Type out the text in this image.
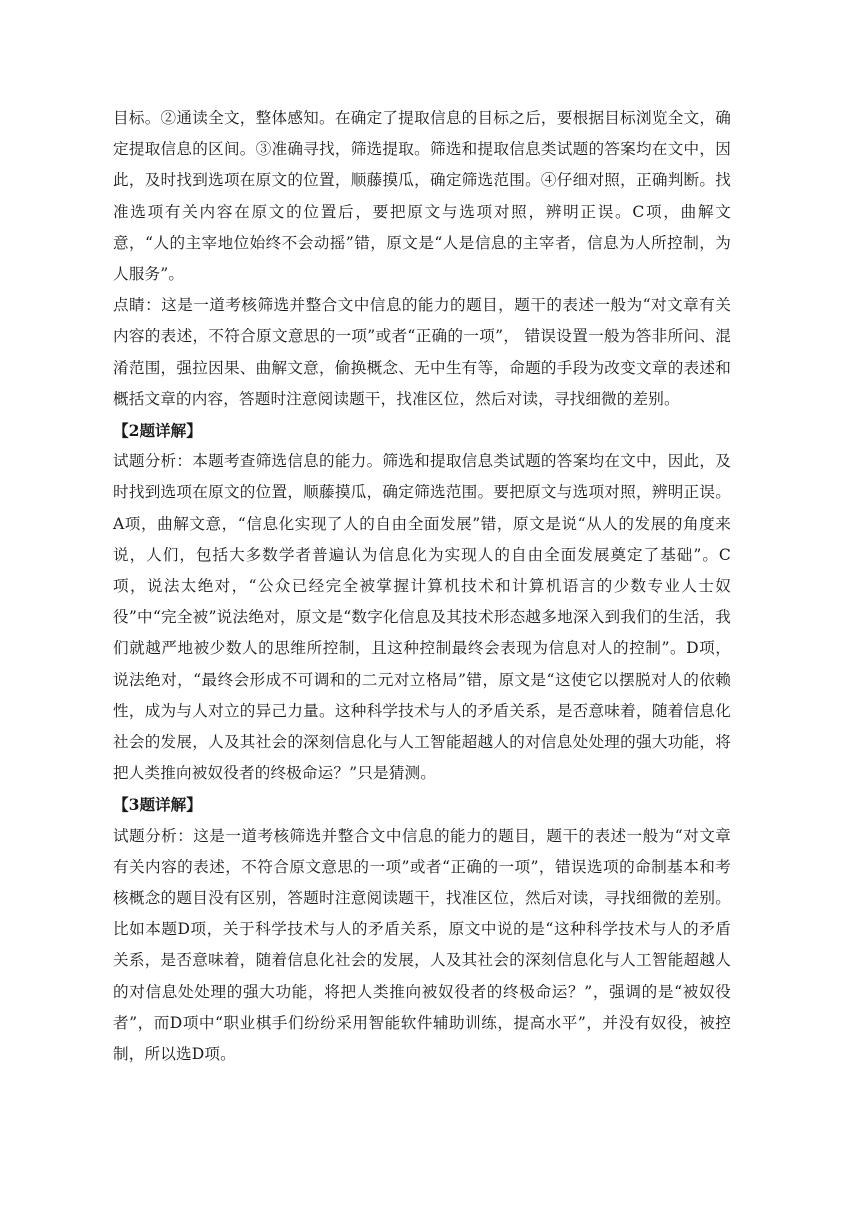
目标。②通读全文，整体感知。在确定了提取信息的目标之后，要根据目标浏览全文，确定提取信息的区间。③准确寻找，筛选提取。筛选和提取信息类试题的答案均在文中，因此，及时找到选项在原文的位置，顺藤摸瓜，确定筛选范围。④仔细对照，正确判断。找准选项有关内容在原文的位置后，要把原文与选项对照，辨明正误。C项，曲解文意，“人的主宰地位始终不会动摇”错，原文是“人是信息的主宰者，信息为人所控制，为人服务”。

点睛：这是一道考核筛选并整合文中信息的能力的题目，题干的表述一般为“对文章有关内容的表述，不符合原文意思的一项”或者“正确的一项”， 错误设置一般为答非所问、混淆范围，强拉因果、曲解文意，偷换概念、无中生有等，命题的手段为改变文章的表述和概括文章的内容，答题时注意阅读题干，找准区位，然后对读，寻找细微的差别。

【2题详解】

试题分析：本题考查筛选信息的能力。筛选和提取信息类试题的答案均在文中，因此，及时找到选项在原文的位置，顺藤摸瓜，确定筛选范围。要把原文与选项对照，辨明正误。A项，曲解文意，“信息化实现了人的自由全面发展”错，原文是说“从人的发展的角度来说，人们，包括大多数学者普遍认为信息化为实现人的自由全面发展奠定了基础”。C项，说法太绝对，“公众已经完全被掌握计算机技术和计算机语言的少数专业人士奴役”中“完全被”说法绝对，原文是“数字化信息及其技术形态越多地深入到我们的生活，我们就越严地被少数人的思维所控制，且这种控制最终会表现为信息对人的控制”。D项，说法绝对，“最终会形成不可调和的二元对立格局”错，原文是“这使它以摆脱对人的依赖性，成为与人对立的异己力量。这种科学技术与人的矛盾关系，是否意味着，随着信息化社会的发展，人及其社会的深刻信息化与人工智能超越人的对信息处处理的强大功能，将把人类推向被奴役者的终极命运？”只是猜测。

【3题详解】

试题分析：这是一道考核筛选并整合文中信息的能力的题目，题干的表述一般为“对文章有关内容的表述，不符合原文意思的一项”或者“正确的一项”，错误选项的命制基本和考核概念的题目没有区别，答题时注意阅读题干，找准区位，然后对读，寻找细微的差别。比如本题D项，关于科学技术与人的矛盾关系，原文中说的是“这种科学技术与人的矛盾关系，是否意味着，随着信息化社会的发展，人及其社会的深刻信息化与人工智能超越人的对信息处处理的强大功能，将把人类推向被奴役者的终极命运？”，强调的是“被奴役者”，而D项中“职业棋手们纷纷采用智能软件辅助训练，提高水平”，并没有奴役，被控制，所以选D项。
